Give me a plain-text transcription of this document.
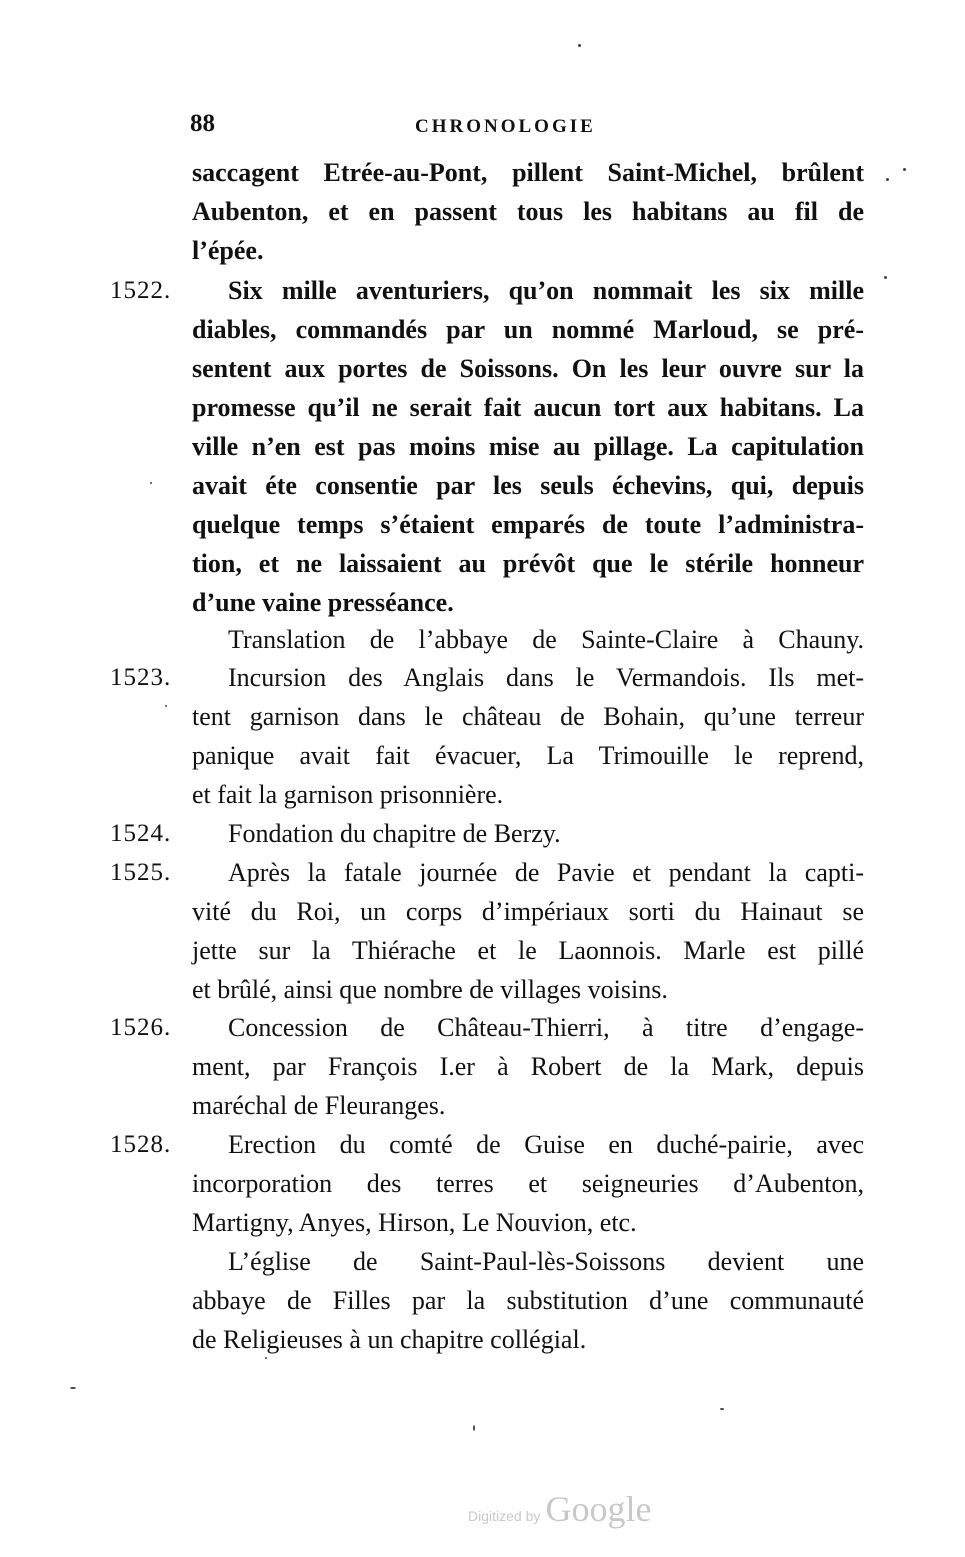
88	CHRONOLOGIE
saccagent Etrée-au-Pont, pillent Saint-Michel, brûlent
Aubenton, et en passent tous les habitans au fil de
l’épée.
1522. Six mille aventuriers, qu’on nommait les six mille
diables, commandés par un nommé Marloud, se pré-
sentent aux portes de Soissons. On les leur ouvre sur la
promesse qu’il ne serait fait aucun tort aux habitans. La
ville n’en est pas moins mise au pillage. La capitulation
avait éte consentie par les seuls échevins, qui, depuis
quelque temps s’étaient emparés de toute l’administra-
tion, et ne laissaient au prévôt que le stérile honneur
d’une vaine presséance.
Translation de l’abbaye de Sainte-Claire à Chauny.
1523. Incursion des Anglais dans le Vermandois. Ils met-
tent garnison dans le château de Bohain, qu’une terreur
panique avait fait évacuer, La Trimouille le reprend,
et fait la garnison prisonnière.
1524. Fondation du chapitre de Berzy.
1525. Après la fatale journée de Pavie et pendant la capti-
vité du Roi, un corps d’impériaux sorti du Hainaut se
jette sur la Thiérache et le Laonnois. Marle est pillé
et brûlé, ainsi que nombre de villages voisins.
1526. Concession de Château-Thierri, à titre d’engage-
ment, par François I.er à Robert de la Mark, depuis
maréchal de Fleuranges.
1528. Erection du comté de Guise en duché-pairie, avec
incorporation des terres et seigneuries d’Aubenton,
Martigny, Anyes, Hirson, Le Nouvion, etc.
L’église de Saint-Paul-lès-Soissons devient une
abbaye de Filles par la substitution d’une communauté
de Religieuses à un chapitre collégial.
Digitized by Google
